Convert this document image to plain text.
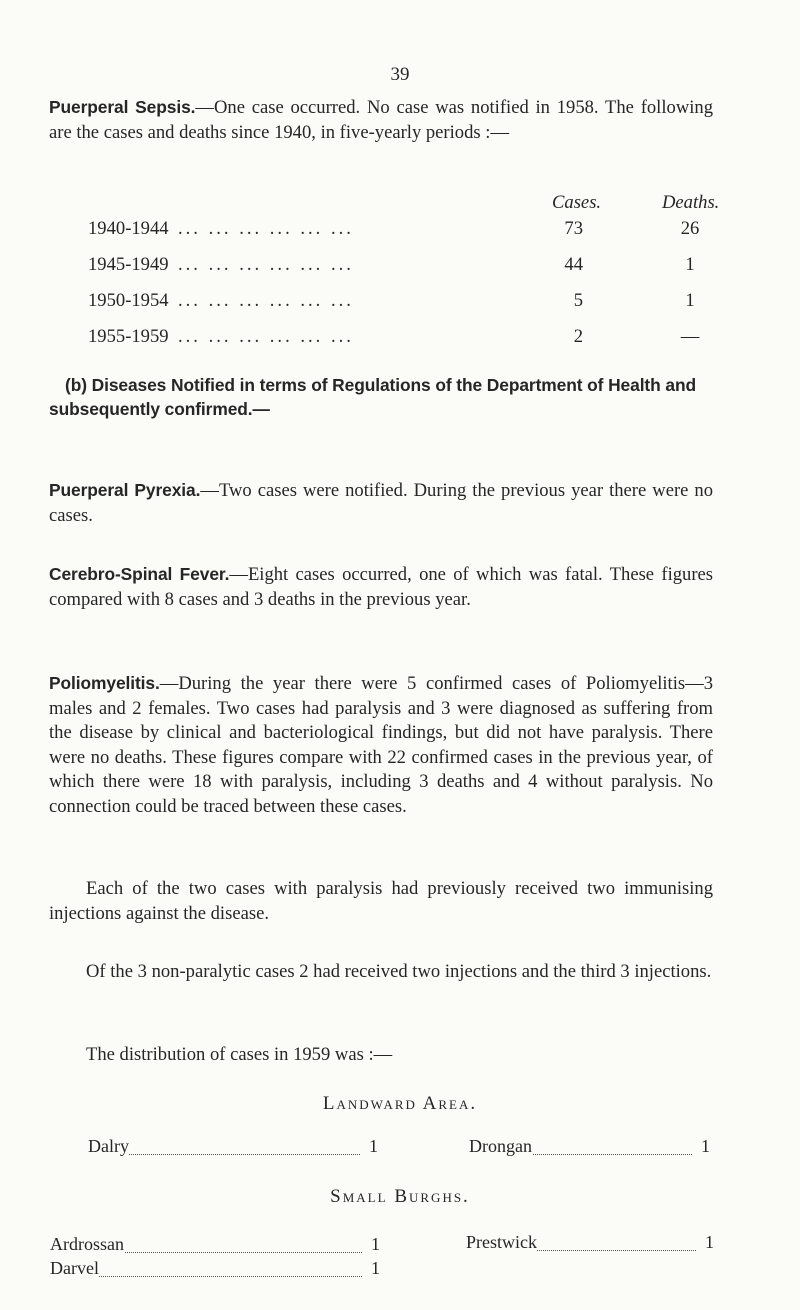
39

Puerperal Sepsis.—One case occurred. No case was notified in 1958. The following are the cases and deaths since 1940, in five-yearly periods :—

Cases.	Deaths.
1940-1944 ... ... ... ... ... ...	73	26
1945-1949 ... ... ... ... ... ...	44	1
1950-1954 ... ... ... ... ... ...	5	1
1955-1959 ... ... ... ... ... ...	2	—

(b) Diseases Notified in terms of Regulations of the Department of Health and subsequently confirmed.—

Puerperal Pyrexia.—Two cases were notified. During the previous year there were no cases.

Cerebro-Spinal Fever.—Eight cases occurred, one of which was fatal. These figures compared with 8 cases and 3 deaths in the previous year.

Poliomyelitis.—During the year there were 5 confirmed cases of Poliomyelitis—3 males and 2 females. Two cases had paralysis and 3 were diagnosed as suffering from the disease by clinical and bacteriological findings, but did not have paralysis. There were no deaths. These figures compare with 22 confirmed cases in the previous year, of which there were 18 with paralysis, including 3 deaths and 4 without paralysis. No connection could be traced between these cases.

Each of the two cases with paralysis had previously received two immunising injections against the disease.

Of the 3 non-paralytic cases 2 had received two injections and the third 3 injections.

The distribution of cases in 1959 was :—

Landward Area.
Dalry	1	Drongan	1
Small Burghs.
Ardrossan	1	Prestwick	1
Darvel	1
